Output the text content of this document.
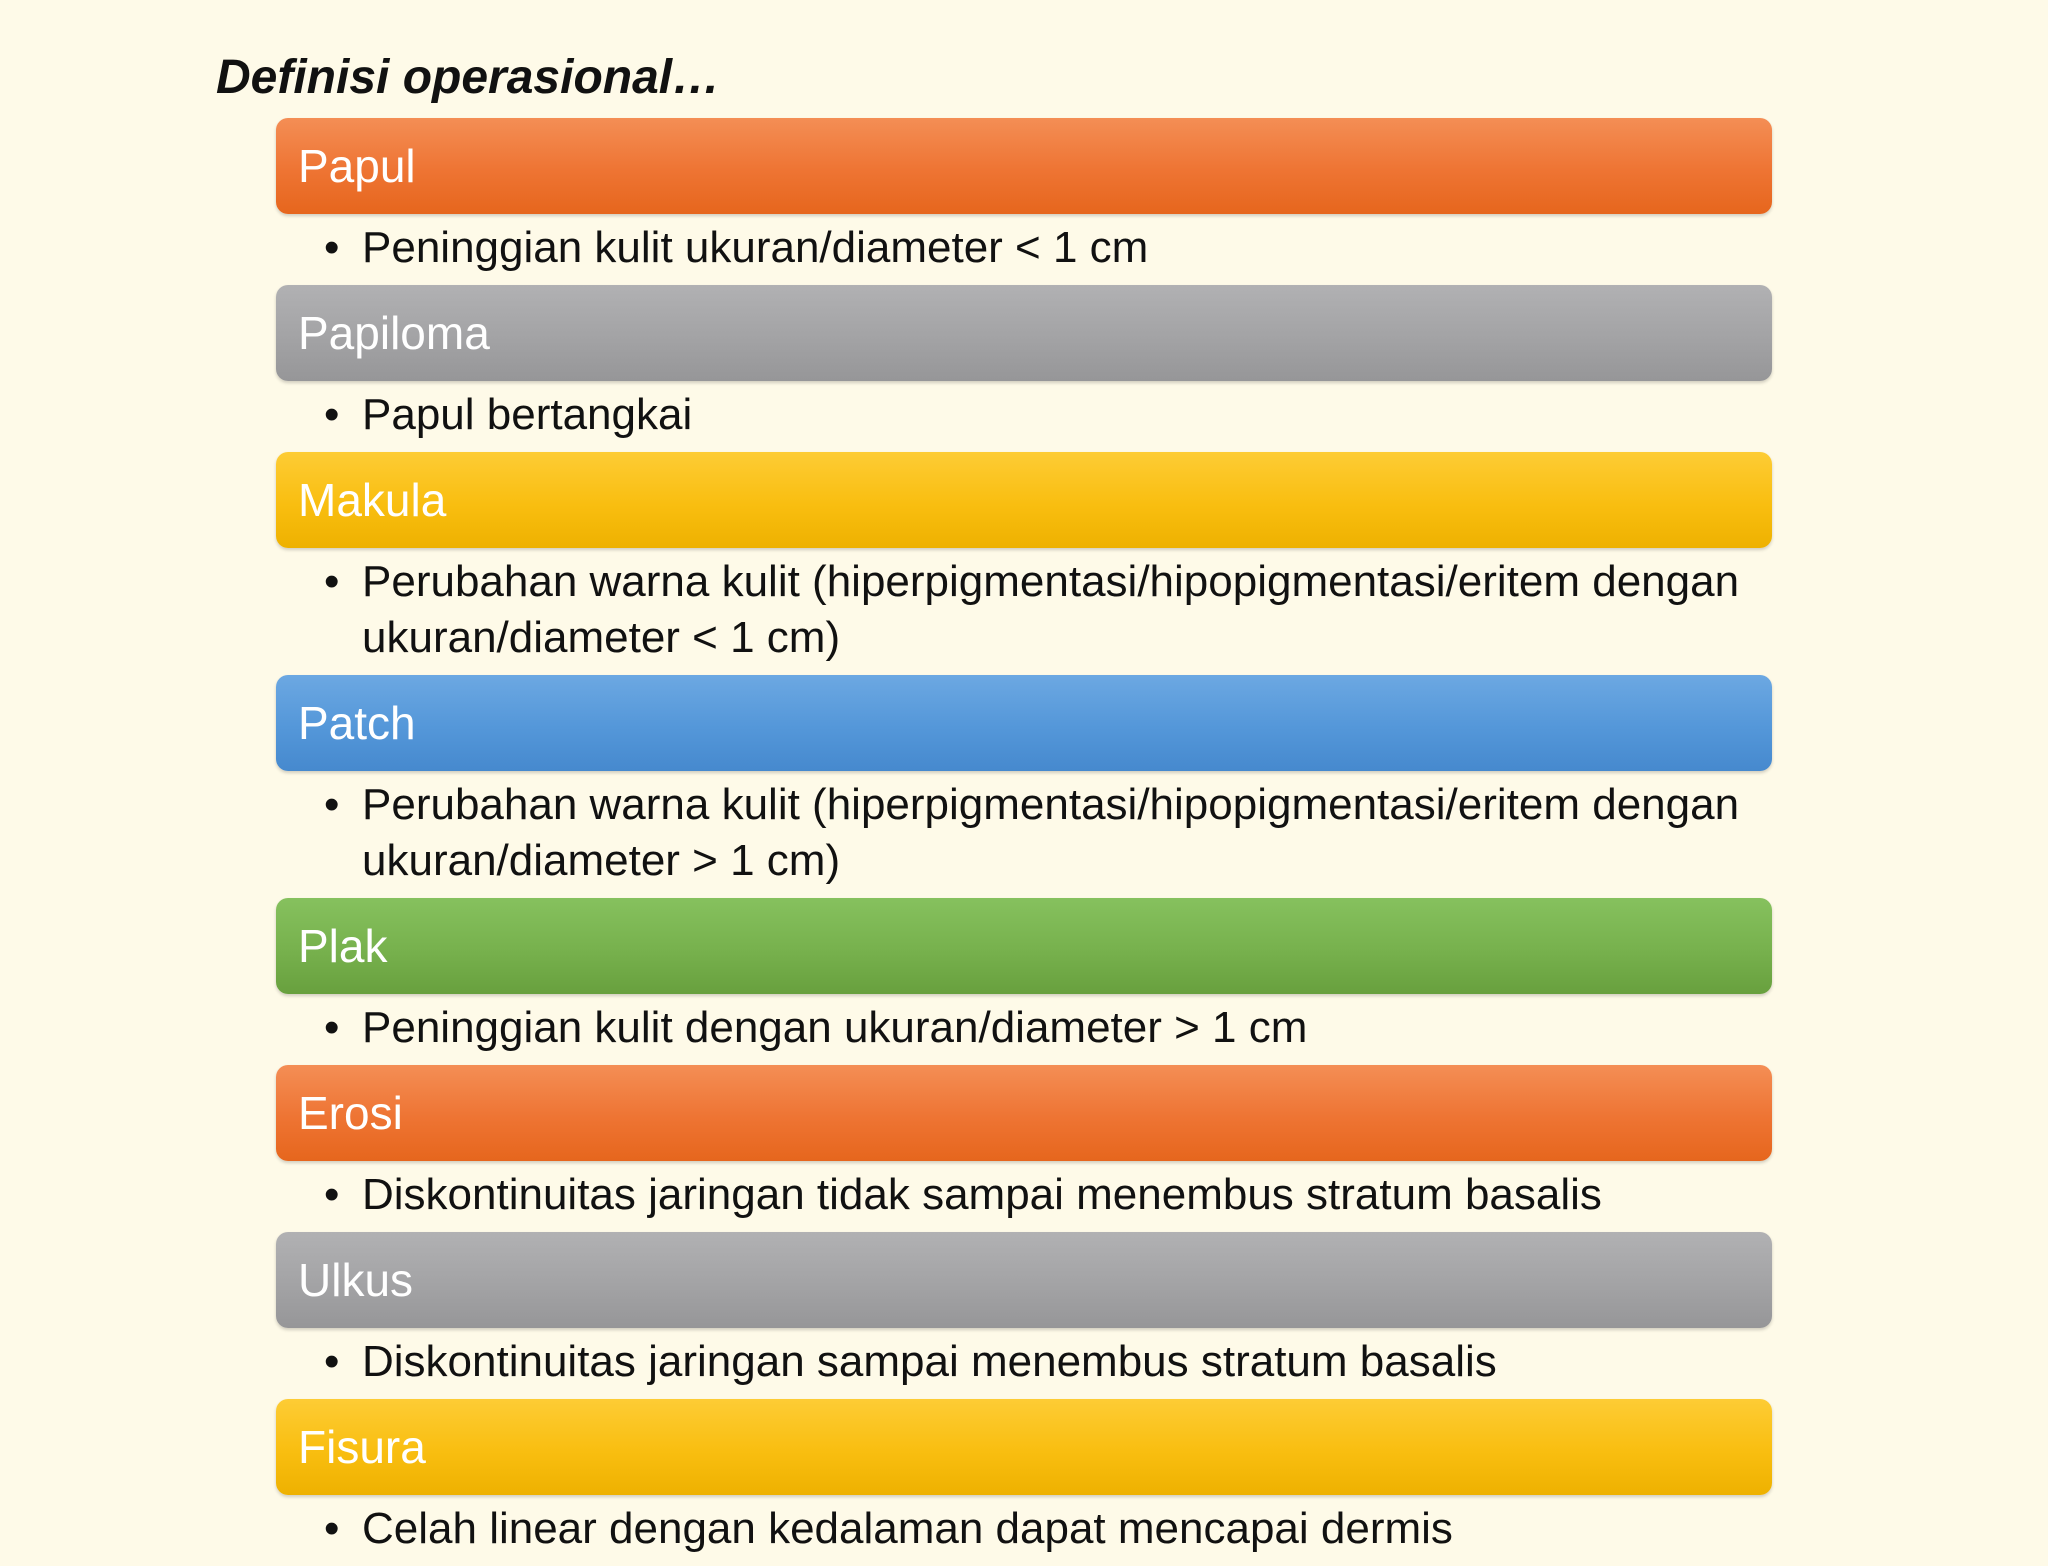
Definisi operasional…
Papul
• Peninggian kulit ukuran/diameter < 1 cm
Papiloma
• Papul bertangkai
Makula
• Perubahan warna kulit (hiperpigmentasi/hipopigmentasi/eritem dengan ukuran/diameter < 1 cm)
Patch
• Perubahan warna kulit (hiperpigmentasi/hipopigmentasi/eritem dengan ukuran/diameter > 1 cm)
Plak
• Peninggian kulit dengan ukuran/diameter > 1 cm
Erosi
• Diskontinuitas jaringan tidak sampai menembus stratum basalis
Ulkus
• Diskontinuitas jaringan sampai menembus stratum basalis
Fisura
• Celah linear dengan kedalaman dapat mencapai dermis
